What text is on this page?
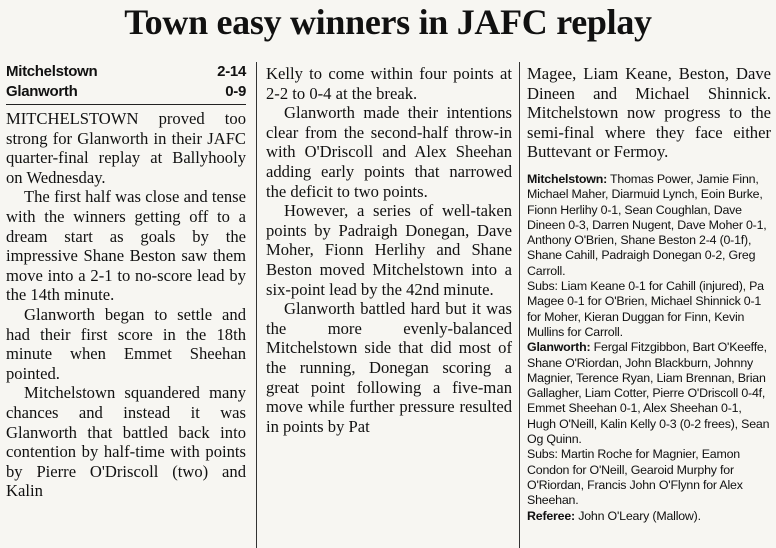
Town easy winners in JAFC replay
Mitchelstown	2-14
Glanworth	0-9

MITCHELSTOWN proved too strong for Glanworth in their JAFC quarter-final replay at Ballyhooly on Wednesday.

The first half was close and tense with the winners getting off to a dream start as goals by the impressive Shane Beston saw them move into a 2-1 to no-score lead by the 14th minute.

Glanworth began to settle and had their first score in the 18th minute when Emmet Sheehan pointed.

Mitchelstown squandered many chances and instead it was Glanworth that battled back into contention by half-time with points by Pierre O'Driscoll (two) and Kalin

Kelly to come within four points at 2-2 to 0-4 at the break.

Glanworth made their intentions clear from the second-half throw-in with O'Driscoll and Alex Sheehan adding early points that narrowed the deficit to two points.

However, a series of well-taken points by Padraigh Donegan, Dave Moher, Fionn Herlihy and Shane Beston moved Mitchelstown into a six-point lead by the 42nd minute.

Glanworth battled hard but it was the more evenly-balanced Mitchelstown side that did most of the running, Donegan scoring a great point following a five-man move while further pressure resulted in points by Pat

Magee, Liam Keane, Beston, Dave Dineen and Michael Shinnick. Mitchelstown now progress to the semi-final where they face either Buttevant or Fermoy.

Mitchelstown: Thomas Power, Jamie Finn, Michael Maher, Diarmuid Lynch, Eoin Burke, Fionn Herlihy 0-1, Sean Coughlan, Dave Dineen 0-3, Darren Nugent, Dave Moher 0-1, Anthony O'Brien, Shane Beston 2-4 (0-1f), Shane Cahill, Padraigh Donegan 0-2, Greg Carroll.

Subs: Liam Keane 0-1 for Cahill (injured), Pa Magee 0-1 for O'Brien, Michael Shinnick 0-1 for Moher, Kieran Duggan for Finn, Kevin Mullins for Carroll.

Glanworth: Fergal Fitzgibbon, Bart O'Keeffe, Shane O'Riordan, John Blackburn, Johnny Magnier, Terence Ryan, Liam Brennan, Brian Gallagher, Liam Cotter, Pierre O'Driscoll 0-4f, Emmet Sheehan 0-1, Alex Sheehan 0-1, Hugh O'Neill, Kalin Kelly 0-3 (0-2 frees), Sean Og Quinn.

Subs: Martin Roche for Magnier, Eamon Condon for O'Neill, Gearoid Murphy for O'Riordan, Francis John O'Flynn for Alex Sheehan.

Referee: John O'Leary (Mallow).
